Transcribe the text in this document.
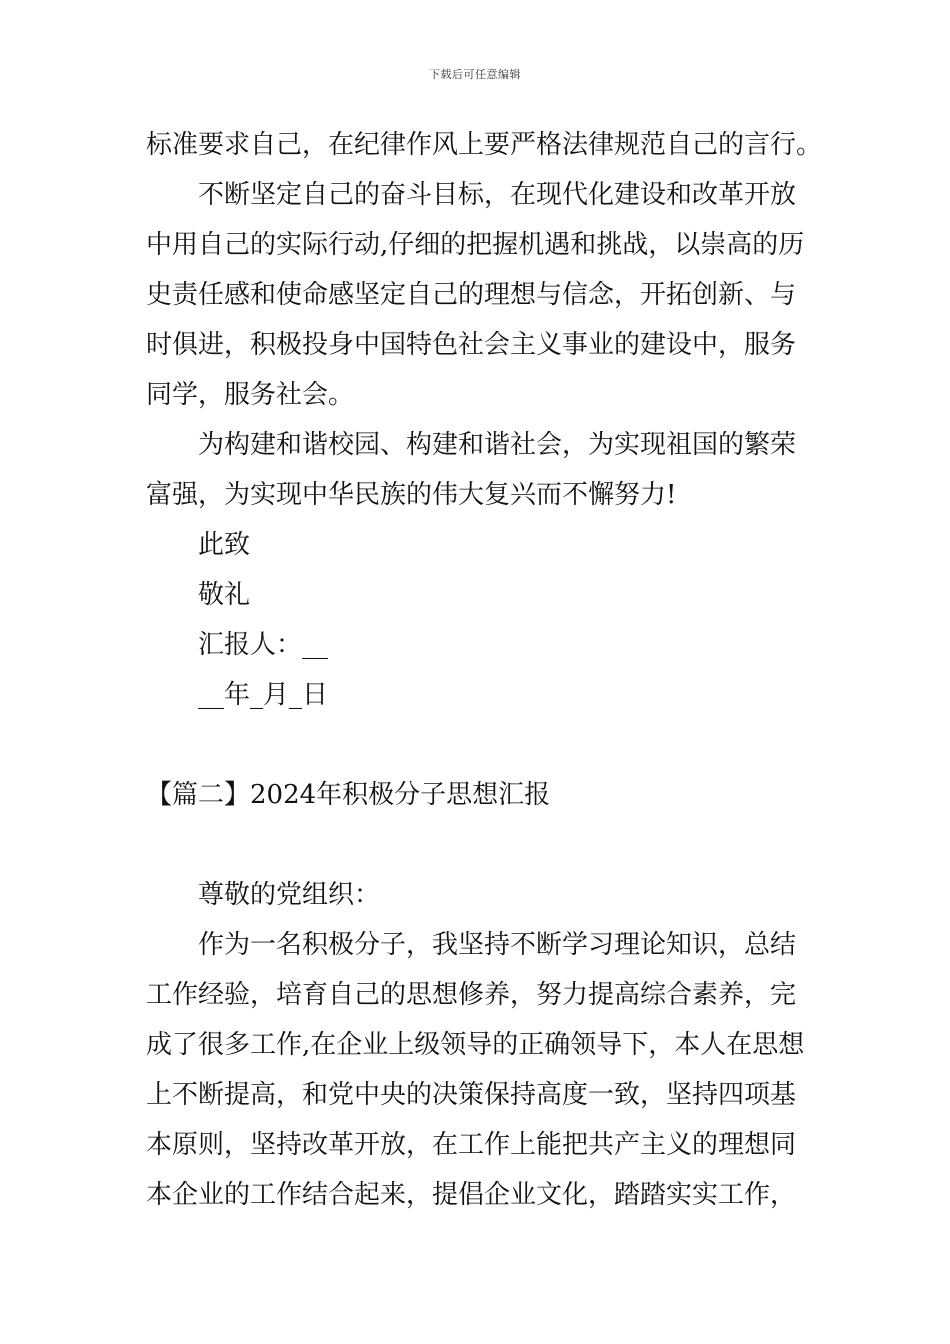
下载后可任意编辑

标准要求自己，在纪律作风上要严格法律规范自己的言行。

不断坚定自己的奋斗目标，在现代化建设和改革开放

中用自己的实际行动,仔细的把握机遇和挑战，以崇高的历

史责任感和使命感坚定自己的理想与信念，开拓创新、与

时俱进，积极投身中国特色社会主义事业的建设中，服务

同学，服务社会。

为构建和谐校园、构建和谐社会，为实现祖国的繁荣

富强，为实现中华民族的伟大复兴而不懈努力!

此致

敬礼

汇报人：__

__年_月_日

【篇二】2024年积极分子思想汇报

尊敬的党组织：

作为一名积极分子，我坚持不断学习理论知识，总结

工作经验，培育自己的思想修养，努力提高综合素养，完

成了很多工作,在企业上级领导的正确领导下，本人在思想

上不断提高，和党中央的决策保持高度一致，坚持四项基

本原则，坚持改革开放，在工作上能把共产主义的理想同

本企业的工作结合起来，提倡企业文化，踏踏实实工作，
